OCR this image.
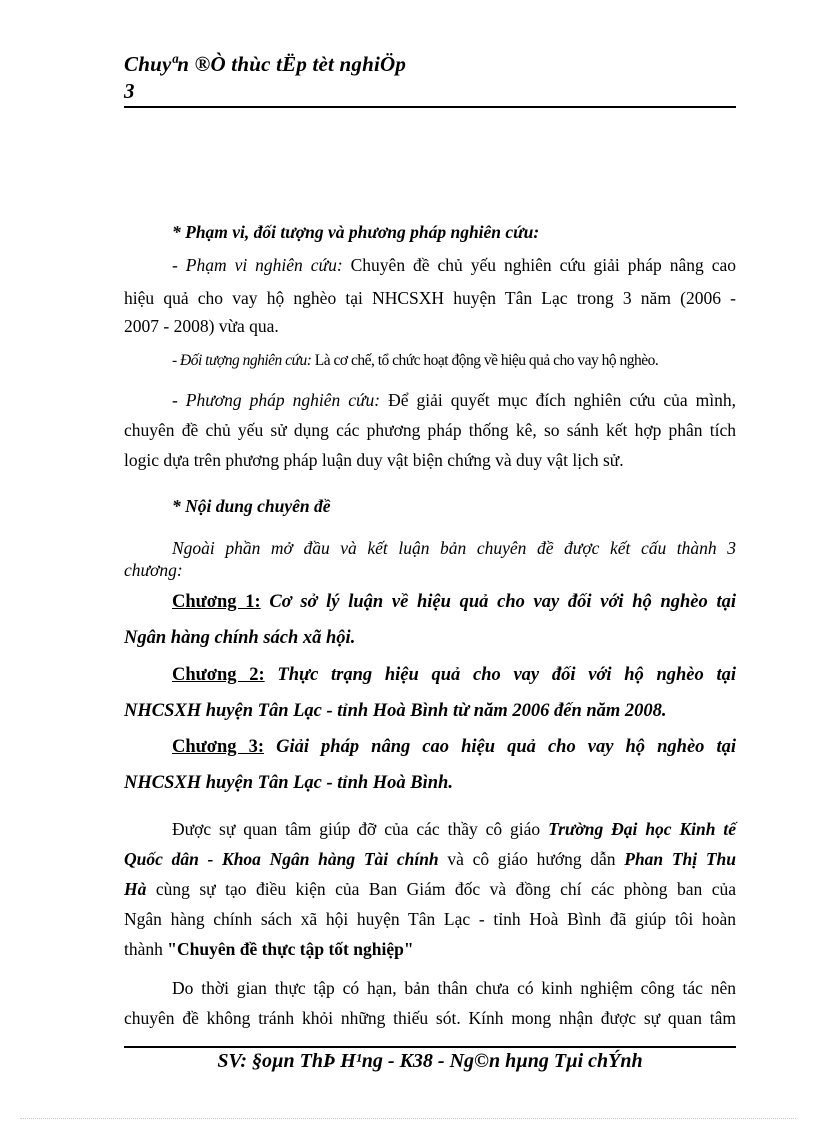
Chuyªn ®Ò thùc tËp tèt nghiÖp
3
* Phạm vi, đối tượng và phương pháp nghiên cứu:
- Phạm vi nghiên cứu: Chuyên đề chủ yếu nghiên cứu giải pháp nâng cao
hiệu quả cho vay hộ nghèo tại NHCSXH huyện Tân Lạc trong 3 năm (2006 -
2007 - 2008) vừa qua.
- Đối tượng nghiên cứu: Là cơ chế, tổ chức hoạt động về hiệu quả cho vay hộ nghèo.
- Phương pháp nghiên cứu: Để giải quyết mục đích nghiên cứu của mình,
chuyên đề chủ yếu sử dụng các phương pháp thống kê, so sánh kết hợp phân tích
logic dựa trên phương pháp luận duy vật biện chứng và duy vật lịch sử.
* Nội dung chuyên đề
Ngoài phần mở đầu và kết luận bản chuyên đề được kết cấu thành 3
chương:
Chương 1: Cơ sở lý luận về hiệu quả cho vay đối với hộ nghèo tại
Ngân hàng chính sách xã hội.
Chương 2: Thực trạng hiệu quả cho vay đối với hộ nghèo tại
NHCSXH huyện Tân Lạc - tỉnh Hoà Bình từ năm 2006 đến năm 2008.
Chương 3: Giải pháp nâng cao hiệu quả cho vay hộ nghèo tại
NHCSXH huyện Tân Lạc - tỉnh Hoà Bình.
Được sự quan tâm giúp đỡ của các thầy cô giáo Trường Đại học Kinh tế
Quốc dân - Khoa Ngân hàng Tài chính và cô giáo hướng dẫn Phan Thị Thu
Hà cùng sự tạo điều kiện của Ban Giám đốc và đồng chí các phòng ban của
Ngân hàng chính sách xã hội huyện Tân Lạc - tỉnh Hoà Bình đã giúp tôi hoàn
thành "Chuyên đề thực tập tốt nghiệp"
Do thời gian thực tập có hạn, bản thân chưa có kinh nghiệm công tác nên
chuyên đề không tránh khỏi những thiếu sót. Kính mong nhận được sự quan tâm
SV: §oµn ThÞ H¹ng - K38 - Ng©n hµng Tµi chÝnh
